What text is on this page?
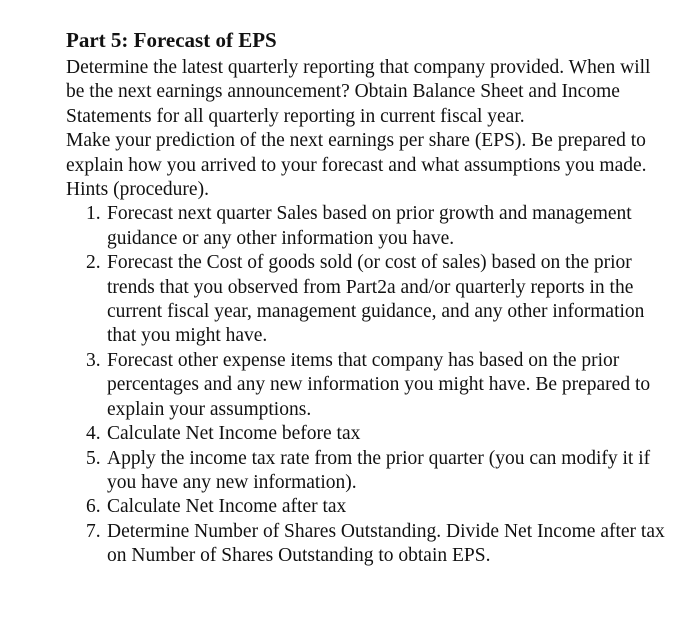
Part 5: Forecast of EPS

Determine the latest quarterly reporting that company provided. When will be the next earnings announcement? Obtain Balance Sheet and Income Statements for all quarterly reporting in current fiscal year.

Make your prediction of the next earnings per share (EPS). Be prepared to explain how you arrived to your forecast and what assumptions you made.

Hints (procedure).

1. Forecast next quarter Sales based on prior growth and management guidance or any other information you have.
2. Forecast the Cost of goods sold (or cost of sales) based on the prior trends that you observed from Part2a and/or quarterly reports in the current fiscal year, management guidance, and any other information that you might have.
3. Forecast other expense items that company has based on the prior percentages and any new information you might have. Be prepared to explain your assumptions.
4. Calculate Net Income before tax
5. Apply the income tax rate from the prior quarter (you can modify it if you have any new information).
6. Calculate Net Income after tax
7. Determine Number of Shares Outstanding. Divide Net Income after tax on Number of Shares Outstanding to obtain EPS.
